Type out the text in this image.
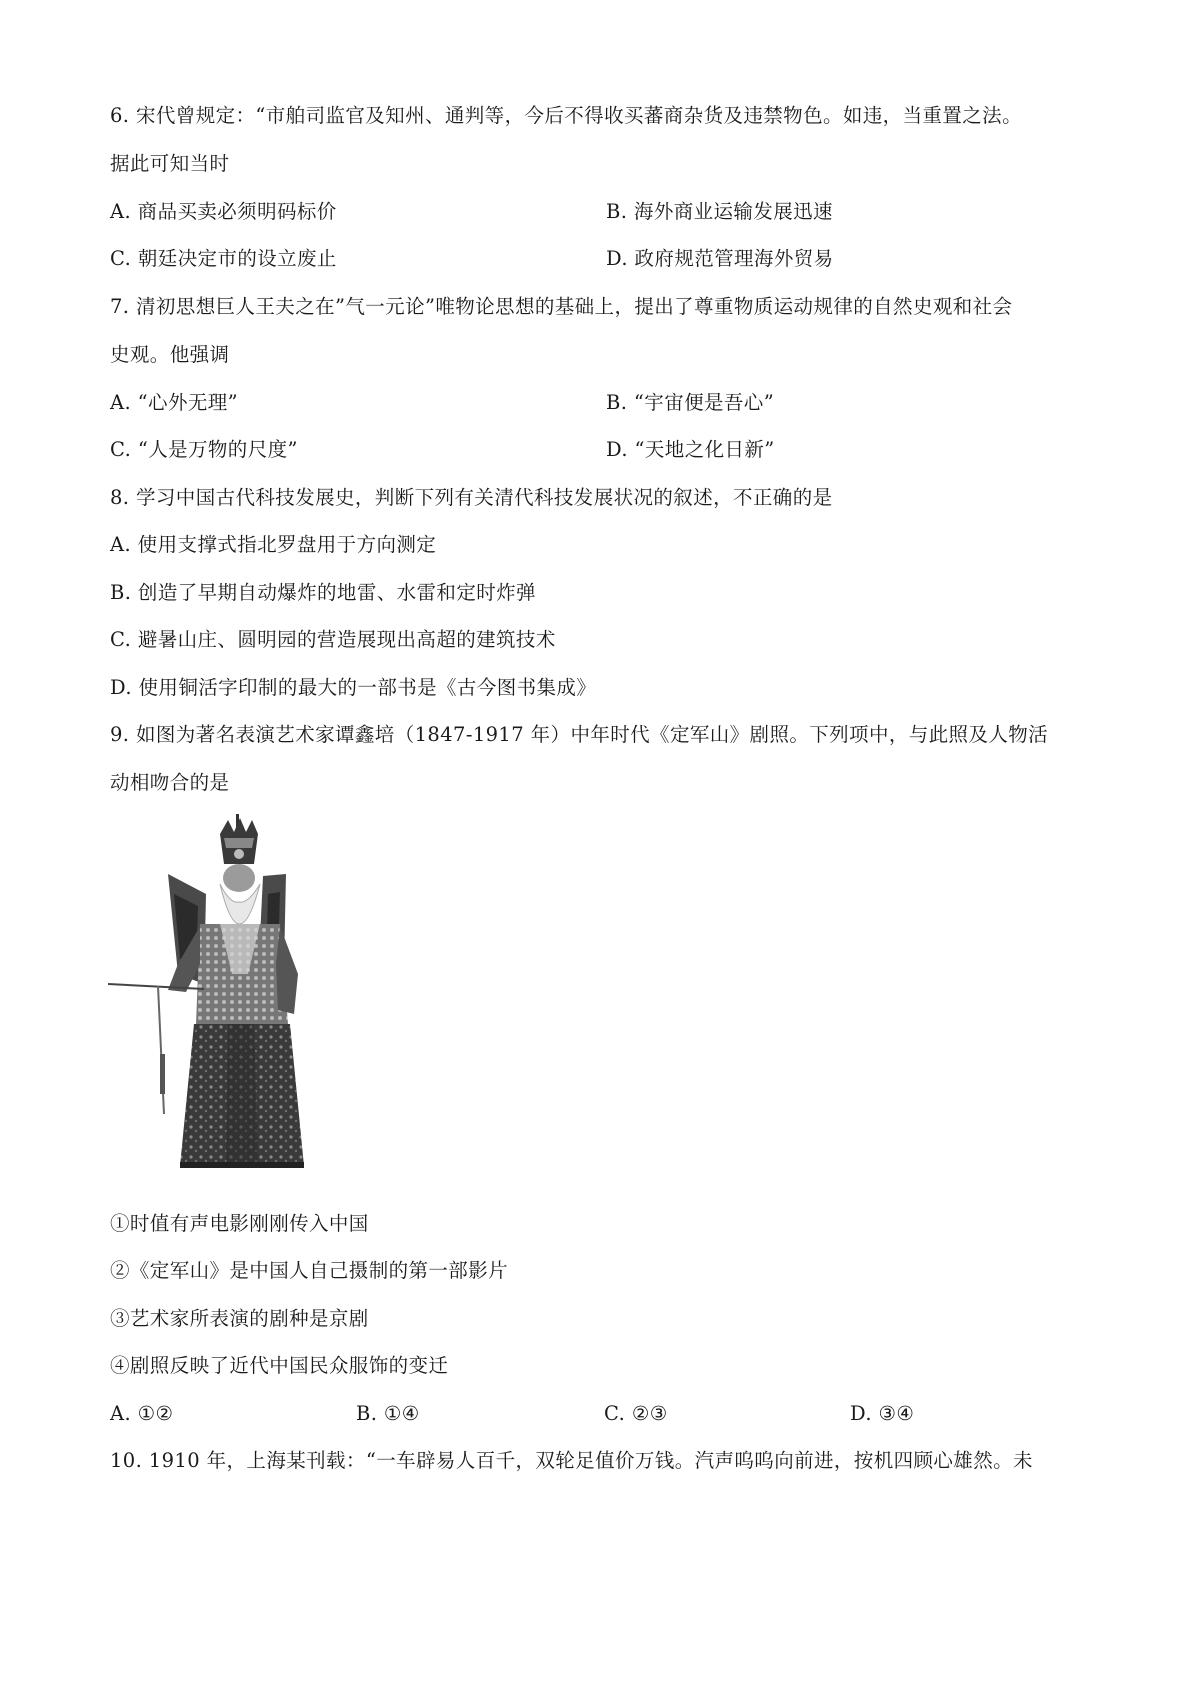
6. 宋代曾规定：“市舶司监官及知州、通判等，今后不得收买蕃商杂货及违禁物色。如违，当重置之法。
据此可知当时
A. 商品买卖必须明码标价	B. 海外商业运输发展迅速
C. 朝廷决定市的设立废止	D. 政府规范管理海外贸易
7. 清初思想巨人王夫之在”气一元论”唯物论思想的基础上，提出了尊重物质运动规律的自然史观和社会
史观。他强调
A. “心外无理”	B. “宇宙便是吾心”
C. “人是万物的尺度”	D. “天地之化日新”
8. 学习中国古代科技发展史，判断下列有关清代科技发展状况的叙述，不正确的是
A. 使用支撑式指北罗盘用于方向测定
B. 创造了早期自动爆炸的地雷、水雷和定时炸弹
C. 避暑山庄、圆明园的营造展现出高超的建筑技术
D. 使用铜活字印制的最大的一部书是《古今图书集成》
9. 如图为著名表演艺术家谭鑫培（1847-1917 年）中年时代《定军山》剧照。下列项中，与此照及人物活
动相吻合的是
①时值有声电影刚刚传入中国
②《定军山》是中国人自己摄制的第一部影片
③艺术家所表演的剧种是京剧
④剧照反映了近代中国民众服饰的变迁
A. ①②	B. ①④	C. ②③	D. ③④
10. 1910 年，上海某刊载：“一车辟易人百千，双轮足值价万钱。汽声呜呜向前进，按机四顾心雄然。未
